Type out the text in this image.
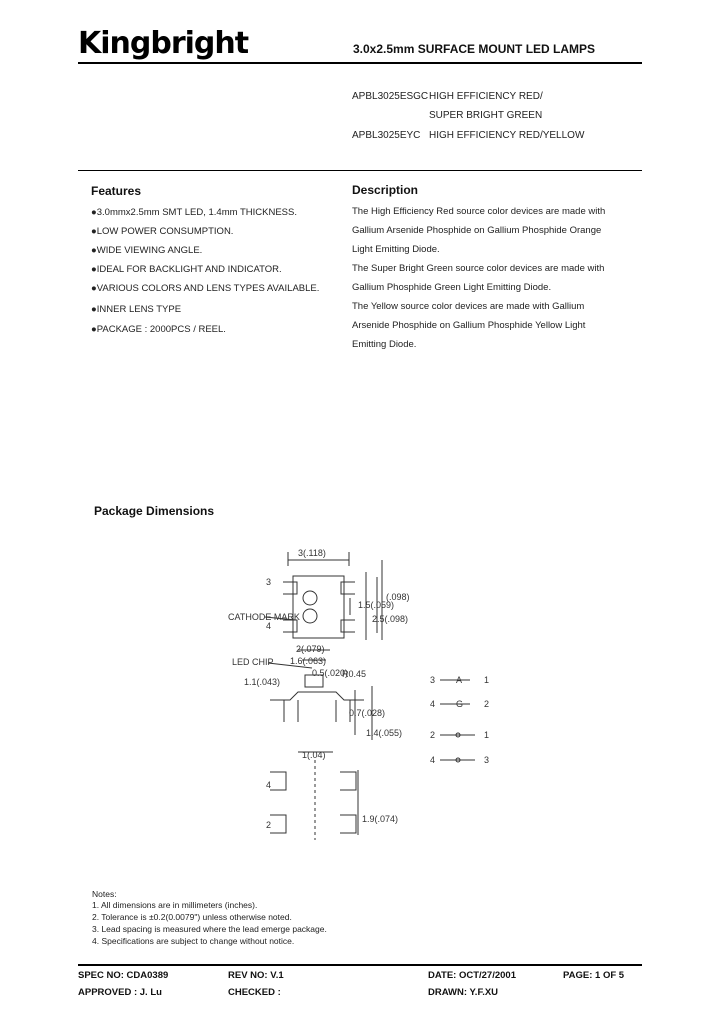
Kingbright	3.0x2.5mm SURFACE MOUNT LED LAMPS
APBL3025ESGC HIGH EFFICIENCY RED/
SUPER BRIGHT GREEN
APBL3025EYC HIGH EFFICIENCY RED/YELLOW
Features
●3.0mmx2.5mm SMT LED, 1.4mm THICKNESS.
●LOW POWER CONSUMPTION.
●WIDE VIEWING ANGLE.
●IDEAL FOR BACKLIGHT AND INDICATOR.
●VARIOUS COLORS AND LENS TYPES AVAILABLE.
●INNER LENS TYPE
●PACKAGE : 2000PCS / REEL.
Description
The High Efficiency Red source color devices are made with
Gallium Arsenide Phosphide on Gallium Phosphide Orange
Light Emitting Diode.
The Super Bright Green source color devices are made with
Gallium Phosphide Green Light Emitting Diode.
The Yellow source color devices are made with Gallium
Arsenide Phosphide on Gallium Phosphide Yellow Light
Emitting Diode.
Package Dimensions
3(.118)
CATHODE MARK
LED CHIP
1.5(.059)
(.098)
2.5(.098)
2(.079)
1.6(.063)
0.5(.020)
1.1(.043)
R0.45
0.7(.028)
1.4(.055)
1(.04)
1.9(.074)
3
4
4
2
3 A 1
4 G 2
2	1
4	3
Notes:
1. All dimensions are in millimeters (inches).
2. Tolerance is ±0.2(0.0079") unless otherwise noted.
3. Lead spacing is measured where the lead emerge package.
4. Specifications are subject to change without notice.
SPEC NO: CDA0389	REV NO: V.1	DATE: OCT/27/2001	PAGE: 1 OF 5
APPROVED : J. Lu	CHECKED :	DRAWN: Y.F.XU
